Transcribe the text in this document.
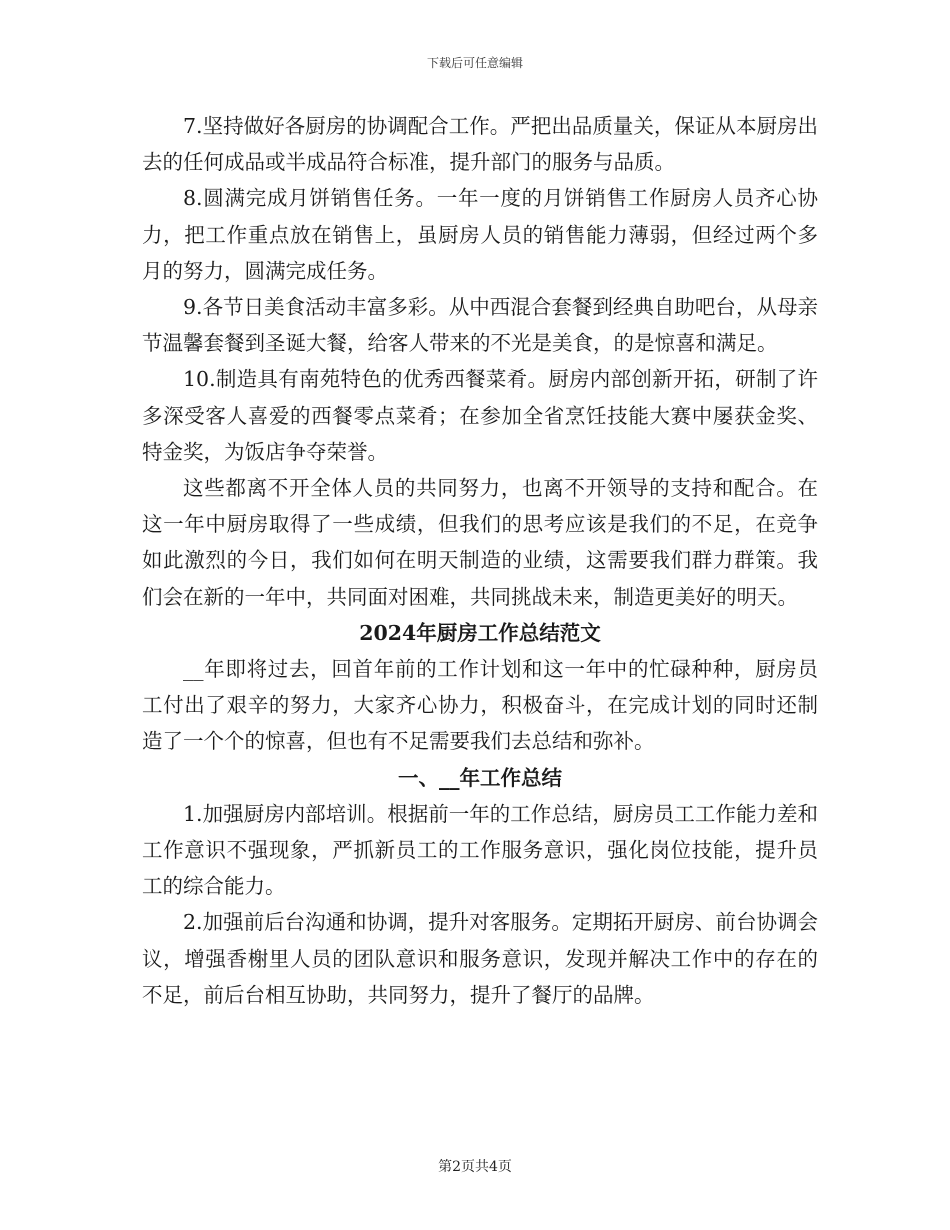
下载后可任意编辑

7.坚持做好各厨房的协调配合工作。严把出品质量关，保证从本厨房出去的任何成品或半成品符合标准，提升部门的服务与品质。

8.圆满完成月饼销售任务。一年一度的月饼销售工作厨房人员齐心协力，把工作重点放在销售上，虽厨房人员的销售能力薄弱，但经过两个多月的努力，圆满完成任务。

9.各节日美食活动丰富多彩。从中西混合套餐到经典自助吧台，从母亲节温馨套餐到圣诞大餐，给客人带来的不光是美食，的是惊喜和满足。

10.制造具有南苑特色的优秀西餐菜肴。厨房内部创新开拓，研制了许多深受客人喜爱的西餐零点菜肴；在参加全省烹饪技能大赛中屡获金奖、特金奖，为饭店争夺荣誉。

这些都离不开全体人员的共同努力，也离不开领导的支持和配合。在这一年中厨房取得了一些成绩，但我们的思考应该是我们的不足，在竞争如此激烈的今日，我们如何在明天制造的业绩，这需要我们群力群策。我们会在新的一年中，共同面对困难，共同挑战未来，制造更美好的明天。

2024年厨房工作总结范文

__年即将过去，回首年前的工作计划和这一年中的忙碌种种，厨房员工付出了艰辛的努力，大家齐心协力，积极奋斗，在完成计划的同时还制造了一个个的惊喜，但也有不足需要我们去总结和弥补。

一、__年工作总结

1.加强厨房内部培训。根据前一年的工作总结，厨房员工工作能力差和工作意识不强现象，严抓新员工的工作服务意识，强化岗位技能，提升员工的综合能力。

2.加强前后台沟通和协调，提升对客服务。定期拓开厨房、前台协调会议，增强香榭里人员的团队意识和服务意识，发现并解决工作中的存在的不足，前后台相互协助，共同努力，提升了餐厅的品牌。

第2页共4页
